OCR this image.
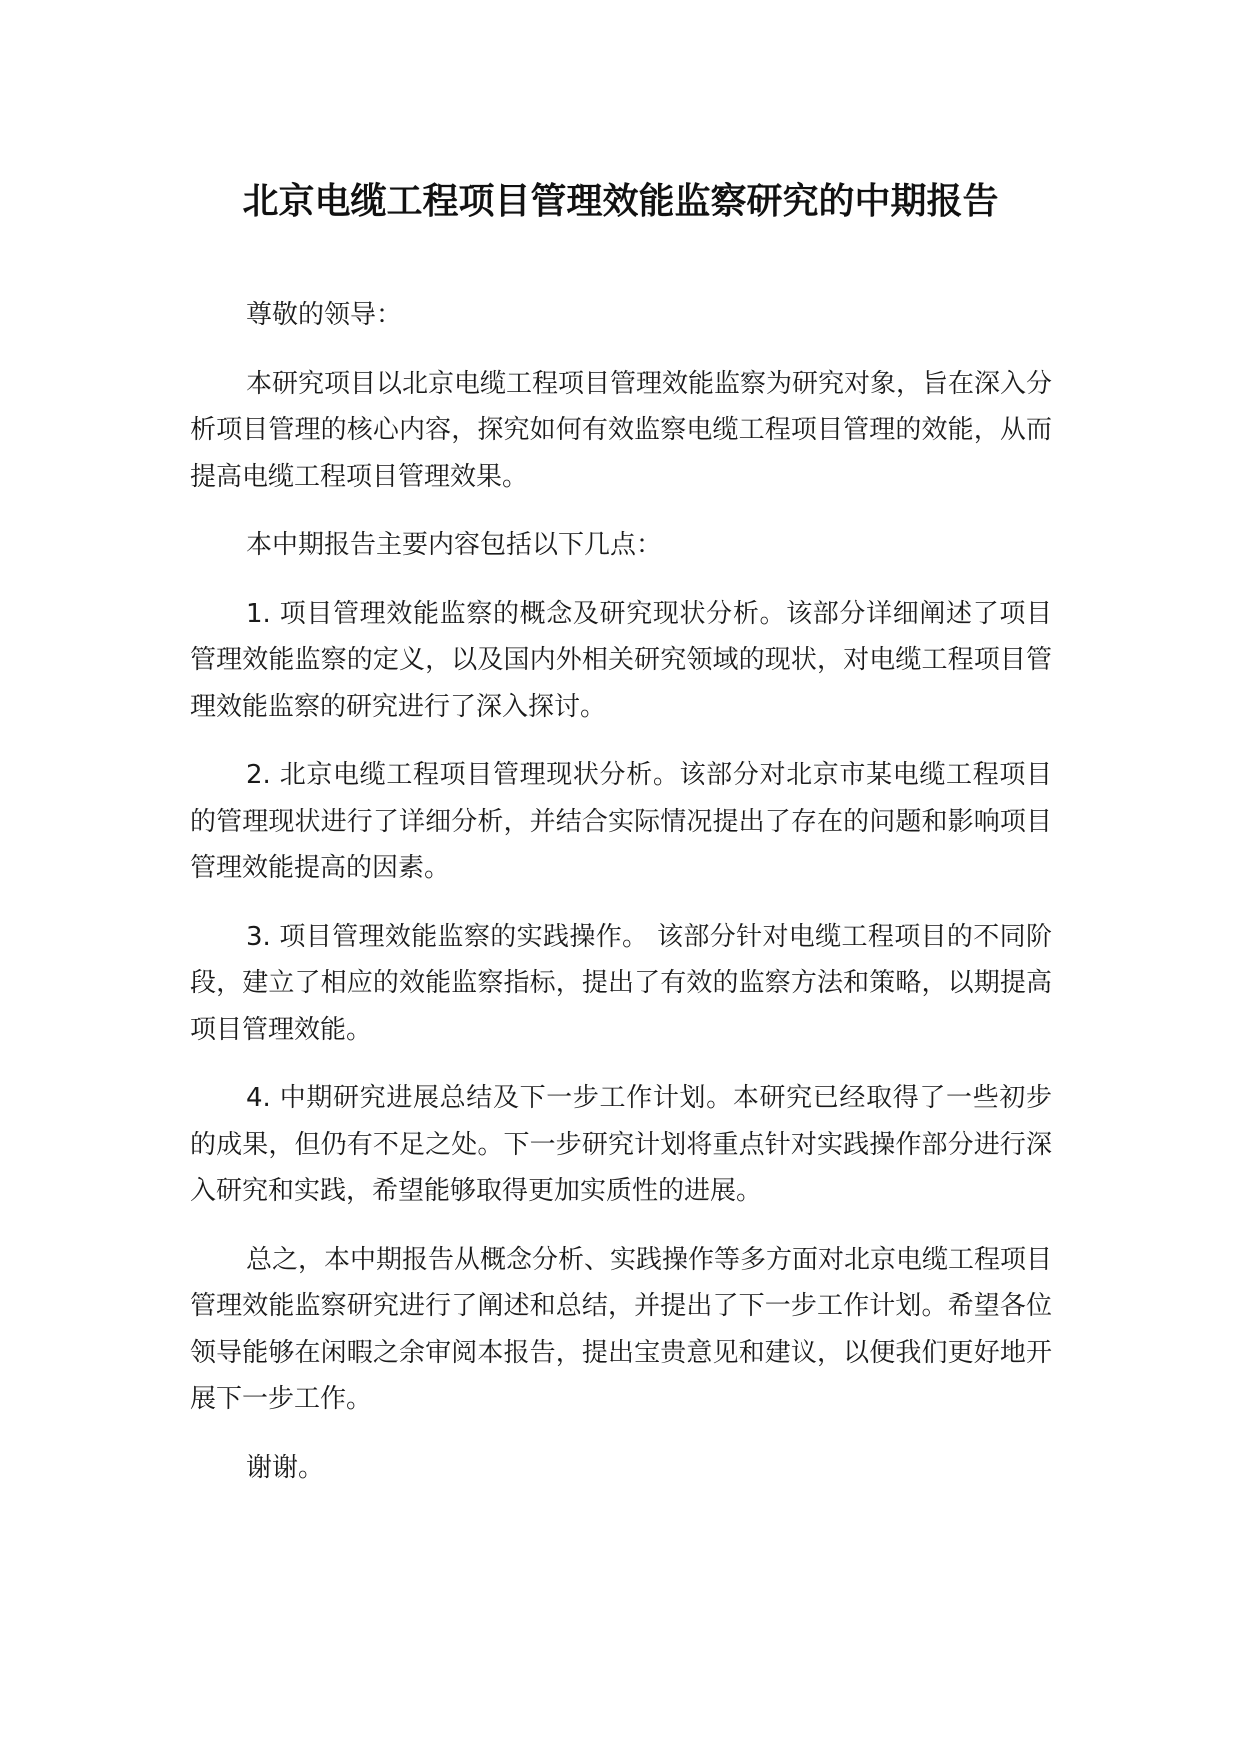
北京电缆工程项目管理效能监察研究的中期报告

尊敬的领导：

本研究项目以北京电缆工程项目管理效能监察为研究对象，旨在深入分析项目管理的核心内容，探究如何有效监察电缆工程项目管理的效能，从而提高电缆工程项目管理效果。

本中期报告主要内容包括以下几点：

1. 项目管理效能监察的概念及研究现状分析。该部分详细阐述了项目管理效能监察的定义，以及国内外相关研究领域的现状，对电缆工程项目管理效能监察的研究进行了深入探讨。

2. 北京电缆工程项目管理现状分析。该部分对北京市某电缆工程项目的管理现状进行了详细分析，并结合实际情况提出了存在的问题和影响项目管理效能提高的因素。

3. 项目管理效能监察的实践操作。 该部分针对电缆工程项目的不同阶段，建立了相应的效能监察指标，提出了有效的监察方法和策略，以期提高项目管理效能。

4. 中期研究进展总结及下一步工作计划。本研究已经取得了一些初步的成果，但仍有不足之处。下一步研究计划将重点针对实践操作部分进行深入研究和实践，希望能够取得更加实质性的进展。

总之，本中期报告从概念分析、实践操作等多方面对北京电缆工程项目管理效能监察研究进行了阐述和总结，并提出了下一步工作计划。希望各位领导能够在闲暇之余审阅本报告，提出宝贵意见和建议，以便我们更好地开展下一步工作。

谢谢。
